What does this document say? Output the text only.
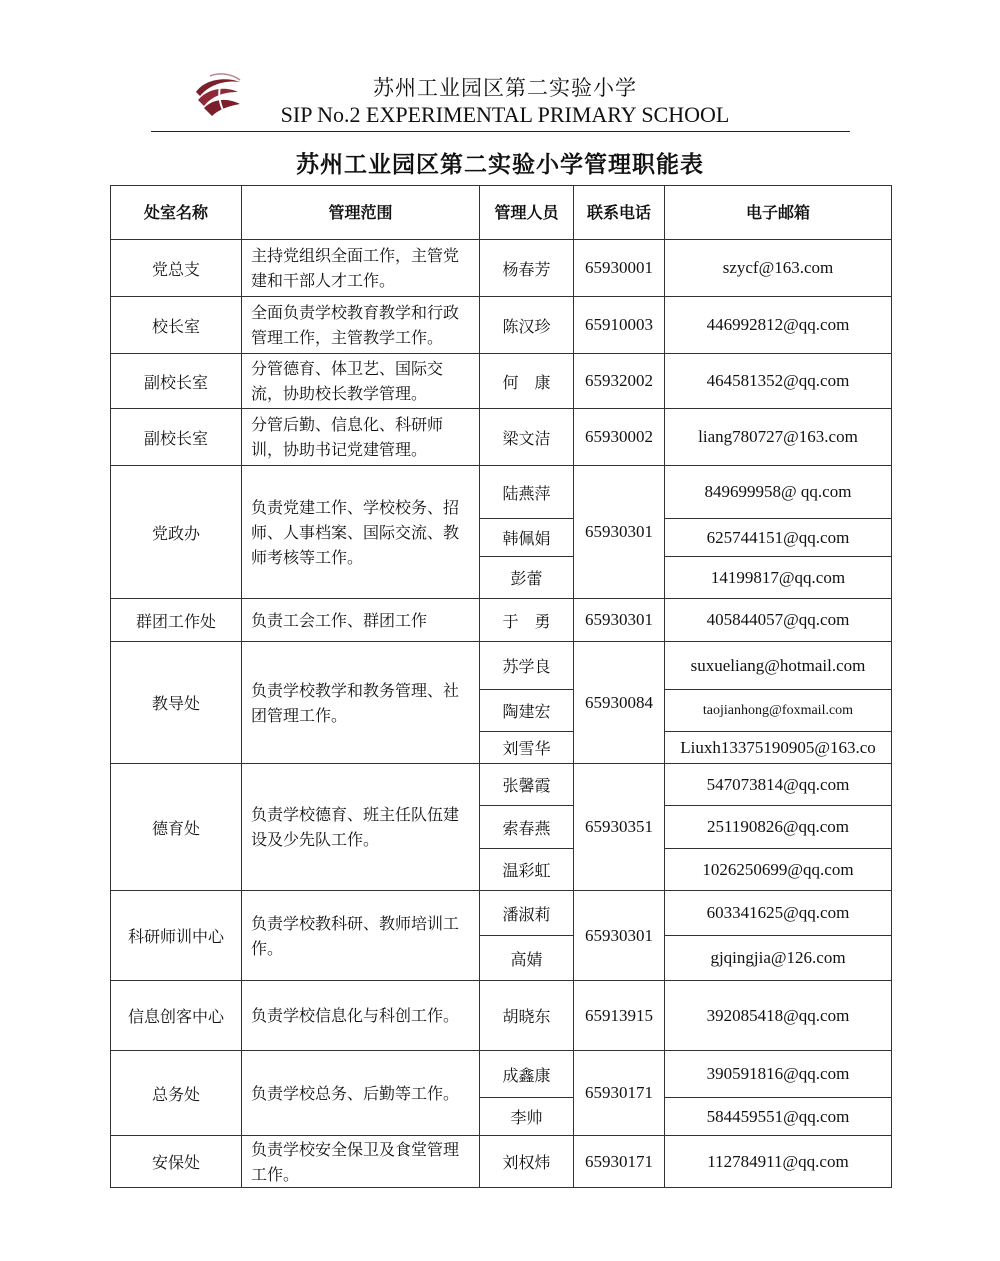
苏州工业园区第二实验小学
SIP No.2 EXPERIMENTAL PRIMARY SCHOOL
苏州工业园区第二实验小学管理职能表
处室名称	管理范围	管理人员	联系电话	电子邮箱
党总支	主持党组织全面工作，主管党建和干部人才工作。	杨春芳	65930001	szycf@163.com
校长室	全面负责学校教育教学和行政管理工作，主管教学工作。	陈汉珍	65910003	446992812@qq.com
副校长室	分管德育、体卫艺、国际交流，协助校长教学管理。	何　康	65932002	464581352@qq.com
副校长室	分管后勤、信息化、科研师训，协助书记党建管理。	梁文洁	65930002	liang780727@163.com
党政办	负责党建工作、学校校务、招师、人事档案、国际交流、教师考核等工作。	陆燕萍	65930301	849699958@ qq.com
		韩佩娟		625744151@qq.com
		彭蕾		14199817@qq.com
群团工作处	负责工会工作、群团工作	于　勇	65930301	405844057@qq.com
教导处	负责学校教学和教务管理、社团管理工作。	苏学良	65930084	suxueliang@hotmail.com
		陶建宏		taojianhong@foxmail.com
		刘雪华		Liuxh13375190905@163.co
德育处	负责学校德育、班主任队伍建设及少先队工作。	张馨霞	65930351	547073814@qq.com
		索春燕		251190826@qq.com
		温彩虹		1026250699@qq.com
科研师训中心	负责学校教科研、教师培训工作。	潘淑莉	65930301	603341625@qq.com
		高婧		gjqingjia@126.com
信息创客中心	负责学校信息化与科创工作。	胡晓东	65913915	392085418@qq.com
总务处	负责学校总务、后勤等工作。	成鑫康	65930171	390591816@qq.com
		李帅		584459551@qq.com
安保处	负责学校安全保卫及食堂管理工作。	刘权炜	65930171	112784911@qq.com
